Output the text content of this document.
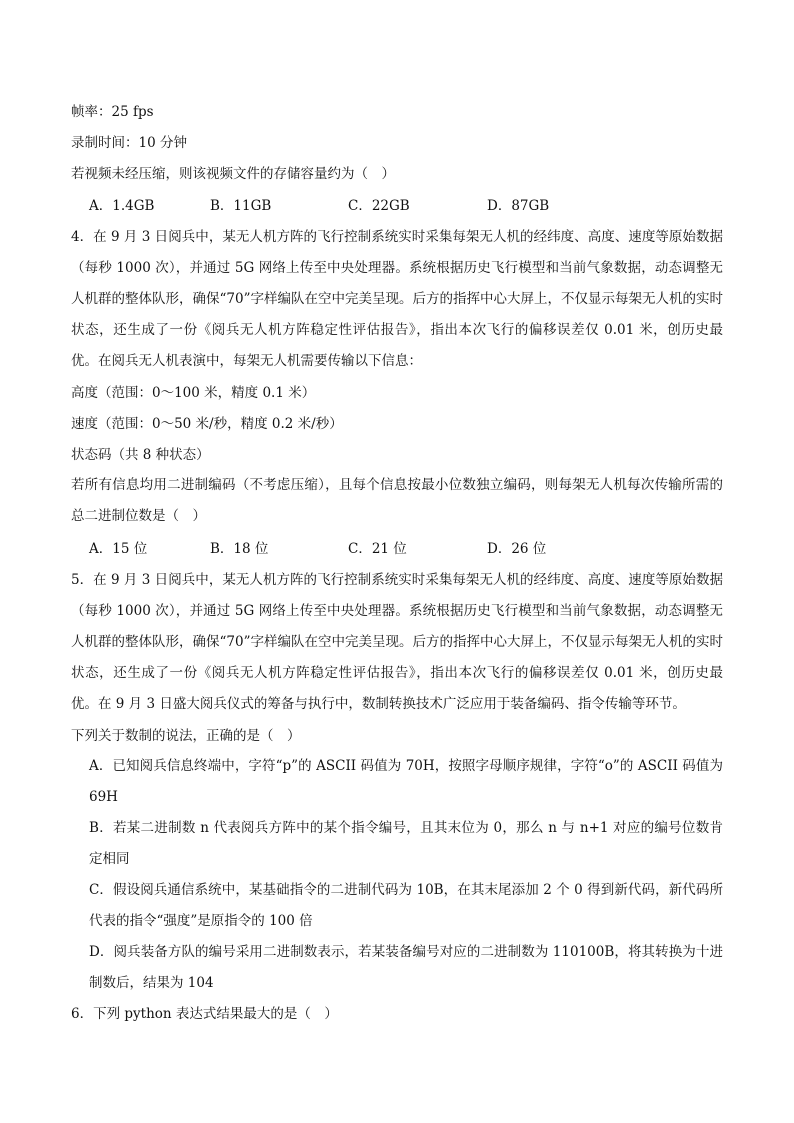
帧率：25 fps
录制时间：10 分钟
若视频未经压缩，则该视频文件的存储容量约为（　）
A．1.4GB	B．11GB	C．22GB	D．87GB
4．在 9 月 3 日阅兵中，某无人机方阵的飞行控制系统实时采集每架无人机的经纬度、高度、速度等原始数据（每秒 1000 次），并通过 5G 网络上传至中央处理器。系统根据历史飞行模型和当前气象数据，动态调整无人机群的整体队形，确保“70”字样编队在空中完美呈现。后方的指挥中心大屏上，不仅显示每架无人机的实时状态，还生成了一份《阅兵无人机方阵稳定性评估报告》，指出本次飞行的偏移误差仅 0.01 米，创历史最优。在阅兵无人机表演中，每架无人机需要传输以下信息：
高度（范围：0～100 米，精度 0.1 米）
速度（范围：0～50 米/秒，精度 0.2 米/秒）
状态码（共 8 种状态）
若所有信息均用二进制编码（不考虑压缩），且每个信息按最小位数独立编码，则每架无人机每次传输所需的总二进制位数是（　）
A．15 位	B．18 位	C．21 位	D．26 位
5．在 9 月 3 日阅兵中，某无人机方阵的飞行控制系统实时采集每架无人机的经纬度、高度、速度等原始数据（每秒 1000 次），并通过 5G 网络上传至中央处理器。系统根据历史飞行模型和当前气象数据，动态调整无人机群的整体队形，确保“70”字样编队在空中完美呈现。后方的指挥中心大屏上，不仅显示每架无人机的实时状态，还生成了一份《阅兵无人机方阵稳定性评估报告》，指出本次飞行的偏移误差仅 0.01 米，创历史最优。在 9 月 3 日盛大阅兵仪式的筹备与执行中，数制转换技术广泛应用于装备编码、指令传输等环节。
下列关于数制的说法，正确的是（　）
A．已知阅兵信息终端中，字符“p”的 ASCII 码值为 70H，按照字母顺序规律，字符“o”的 ASCII 码值为 69H
B．若某二进制数 n 代表阅兵方阵中的某个指令编号，且其末位为 0，那么 n 与 n+1 对应的编号位数肯定相同
C．假设阅兵通信系统中，某基础指令的二进制代码为 10B，在其末尾添加 2 个 0 得到新代码，新代码所代表的指令“强度”是原指令的 100 倍
D．阅兵装备方队的编号采用二进制数表示，若某装备编号对应的二进制数为 110100B，将其转换为十进制数后，结果为 104
6．下列 python 表达式结果最大的是（　）
